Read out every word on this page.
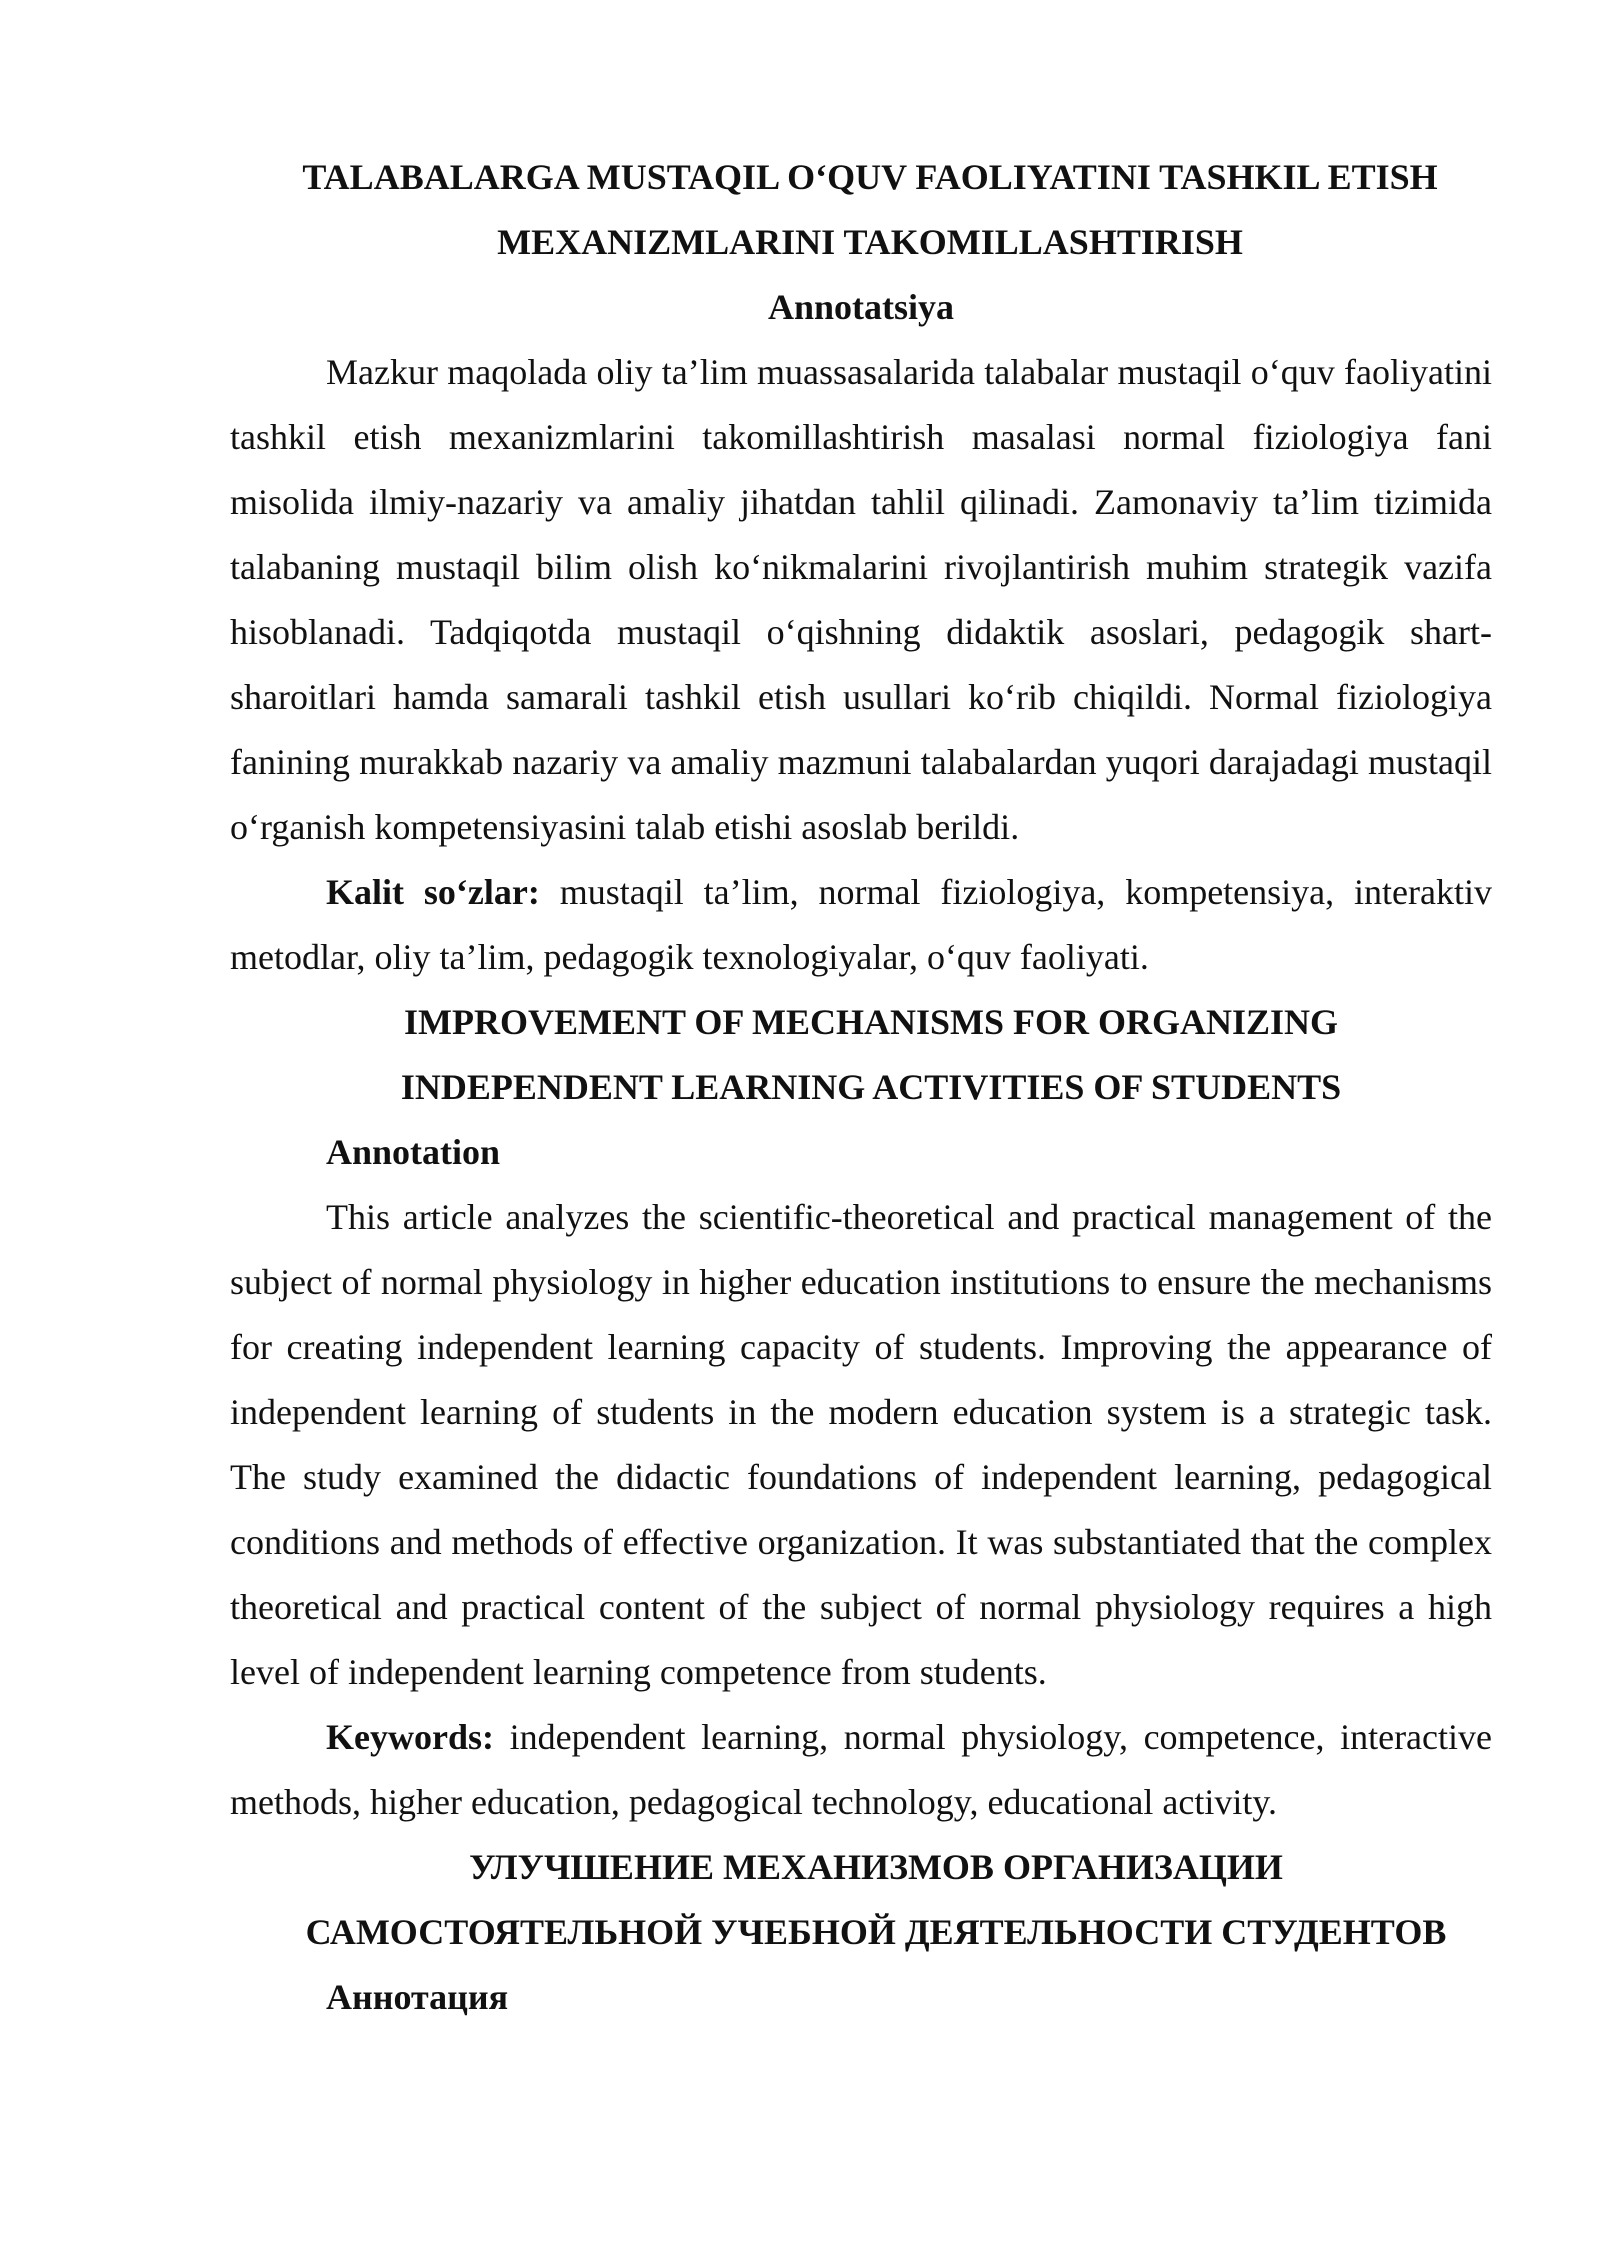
TALABALARGA MUSTAQIL O‘QUV FAOLIYATINI TASHKIL ETISH
MEXANIZMLARINI TAKOMILLASHTIRISH

Annotatsiya

Mazkur maqolada oliy ta’lim muassasalarida talabalar mustaqil o‘quv faoliyatini tashkil etish mexanizmlarini takomillashtirish masalasi normal fiziologiya fani misolida ilmiy-nazariy va amaliy jihatdan tahlil qilinadi. Zamonaviy ta’lim tizimida talabaning mustaqil bilim olish ko‘nikmalarini rivojlantirish muhim strategik vazifa hisoblanadi. Tadqiqotda mustaqil o‘qishning didaktik asoslari, pedagogik shart-sharoitlari hamda samarali tashkil etish usullari ko‘rib chiqildi. Normal fiziologiya fanining murakkab nazariy va amaliy mazmuni talabalardan yuqori darajadagi mustaqil o‘rganish kompetensiyasini talab etishi asoslab berildi.

Kalit so‘zlar: mustaqil ta’lim, normal fiziologiya, kompetensiya, interaktiv metodlar, oliy ta’lim, pedagogik texnologiyalar, o‘quv faoliyati.

IMPROVEMENT OF MECHANISMS FOR ORGANIZING
INDEPENDENT LEARNING ACTIVITIES OF STUDENTS

Annotation

This article analyzes the scientific-theoretical and practical management of the subject of normal physiology in higher education institutions to ensure the mechanisms for creating independent learning capacity of students. Improving the appearance of independent learning of students in the modern education system is a strategic task. The study examined the didactic foundations of independent learning, pedagogical conditions and methods of effective organization. It was substantiated that the complex theoretical and practical content of the subject of normal physiology requires a high level of independent learning competence from students.

Keywords: independent learning, normal physiology, competence, interactive methods, higher education, pedagogical technology, educational activity.

УЛУЧШЕНИЕ МЕХАНИЗМОВ ОРГАНИЗАЦИИ
САМОСТОЯТЕЛЬНОЙ УЧЕБНОЙ ДЕЯТЕЛЬНОСТИ СТУДЕНТОВ

Аннотация
